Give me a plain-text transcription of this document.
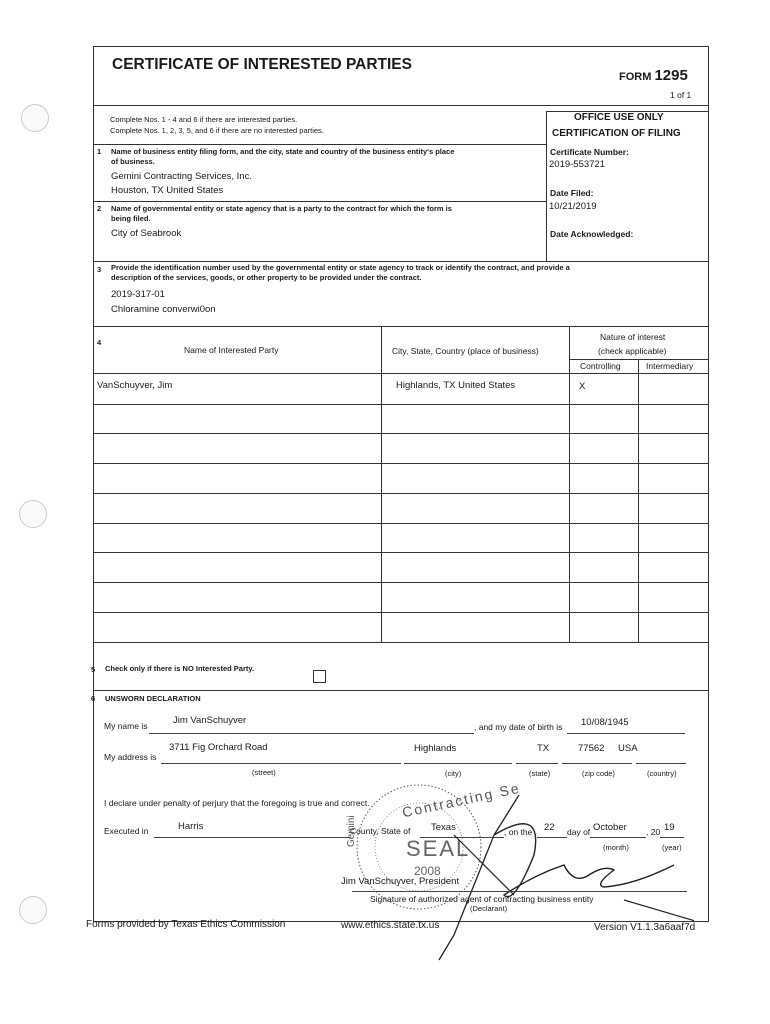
CERTIFICATE OF INTERESTED PARTIES
FORM 1295
1 of 1
Complete Nos. 1 - 4 and 6 if there are interested parties.
Complete Nos. 1, 2, 3, 5, and 6 if there are no interested parties.
OFFICE USE ONLY
CERTIFICATION OF FILING
Certificate Number:
2019-553721
Date Filed:
10/21/2019
Date Acknowledged:
1 Name of business entity filing form, and the city, state and country of the business entity's place
of business.
Gemini Contracting Services, Inc.
Houston, TX United States
2 Name of governmental entity or state agency that is a party to the contract for which the form is
being filed.
City of Seabrook
3 Provide the identification number used by the governmental entity or state agency to track or identify the contract, and provide a
description of the services, goods, or other property to be provided under the contract.
2019-317-01
Chloramine converwi0on
4
Name of Interested Party	City, State, Country (place of business)
Nature of interest
(check applicable)
Controlling	Intermediary
VanSchuyver, Jim	Highlands, TX United States	X
5 Check only if there is NO Interested Party.
6 UNSWORN DECLARATION
My name is	Jim VanSchuyver
, and my date of birth is 10/08/1945
My address is
3711 Fig Orchard Road	Highlands	TX	77562 USA
(street)	(city)	(state)	(zip code)	(country)
I declare under penalty of perjury that the foregoing is true and correct.
Executed in	Harris	County, State of Texas	, on the 22 day of October , 20 19
(month)	(year)
Contracting Se
Gemini
SEAL
2008
Jim VanSchuyver, President
Signature of authorized agent of contracting business entity
(Declarant)
Forms provided by Texas Ethics Commission	www.ethics.state.tx.us	Version V1.1.3a6aaf7d
